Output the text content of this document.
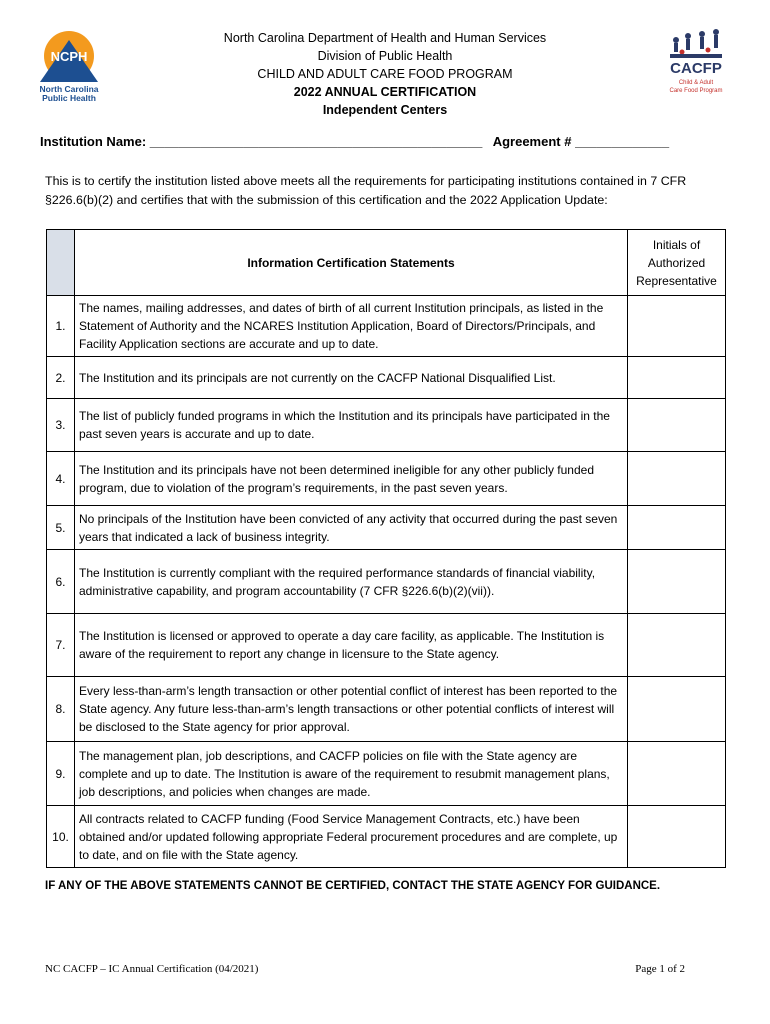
NCPH
North Carolina
Public Health
CACFP
Child & Adult
Care Food Program
North Carolina Department of Health and Human Services
Division of Public Health
CHILD AND ADULT CARE FOOD PROGRAM
2022 ANNUAL CERTIFICATION
Independent Centers
Institution Name: ______________________________________________   Agreement # _____________
This is to certify the institution listed above meets all the requirements for participating institutions contained in 7 CFR §226.6(b)(2) and certifies that with the submission of this certification and the 2022 Application Update:
	Information Certification Statements	Initials of Authorized Representative
1.	The names, mailing addresses, and dates of birth of all current Institution principals, as listed in the Statement of Authority and the NCARES Institution Application, Board of Directors/Principals, and Facility Application sections are accurate and up to date.	
2.	The Institution and its principals are not currently on the CACFP National Disqualified List.	
3.	The list of publicly funded programs in which the Institution and its principals have participated in the past seven years is accurate and up to date.	
4.	The Institution and its principals have not been determined ineligible for any other publicly funded program, due to violation of the program’s requirements, in the past seven years.	
5.	No principals of the Institution have been convicted of any activity that occurred during the past seven years that indicated a lack of business integrity.	
6.	The Institution is currently compliant with the required performance standards of financial viability, administrative capability, and program accountability (7 CFR §226.6(b)(2)(vii)).	
7.	The Institution is licensed or approved to operate a day care facility, as applicable. The Institution is aware of the requirement to report any change in licensure to the State agency.	
8.	Every less-than-arm’s length transaction or other potential conflict of interest has been reported to the State agency. Any future less-than-arm’s length transactions or other potential conflicts of interest will be disclosed to the State agency for prior approval.	
9.	The management plan, job descriptions, and CACFP policies on file with the State agency are complete and up to date. The Institution is aware of the requirement to resubmit management plans, job descriptions, and policies when changes are made.	
10.	All contracts related to CACFP funding (Food Service Management Contracts, etc.) have been obtained and/or updated following appropriate Federal procurement procedures and are complete, up to date, and on file with the State agency.	
IF ANY OF THE ABOVE STATEMENTS CANNOT BE CERTIFIED, CONTACT THE STATE AGENCY FOR GUIDANCE.
NC CACFP – IC Annual Certification (04/2021)	Page 1 of 2
